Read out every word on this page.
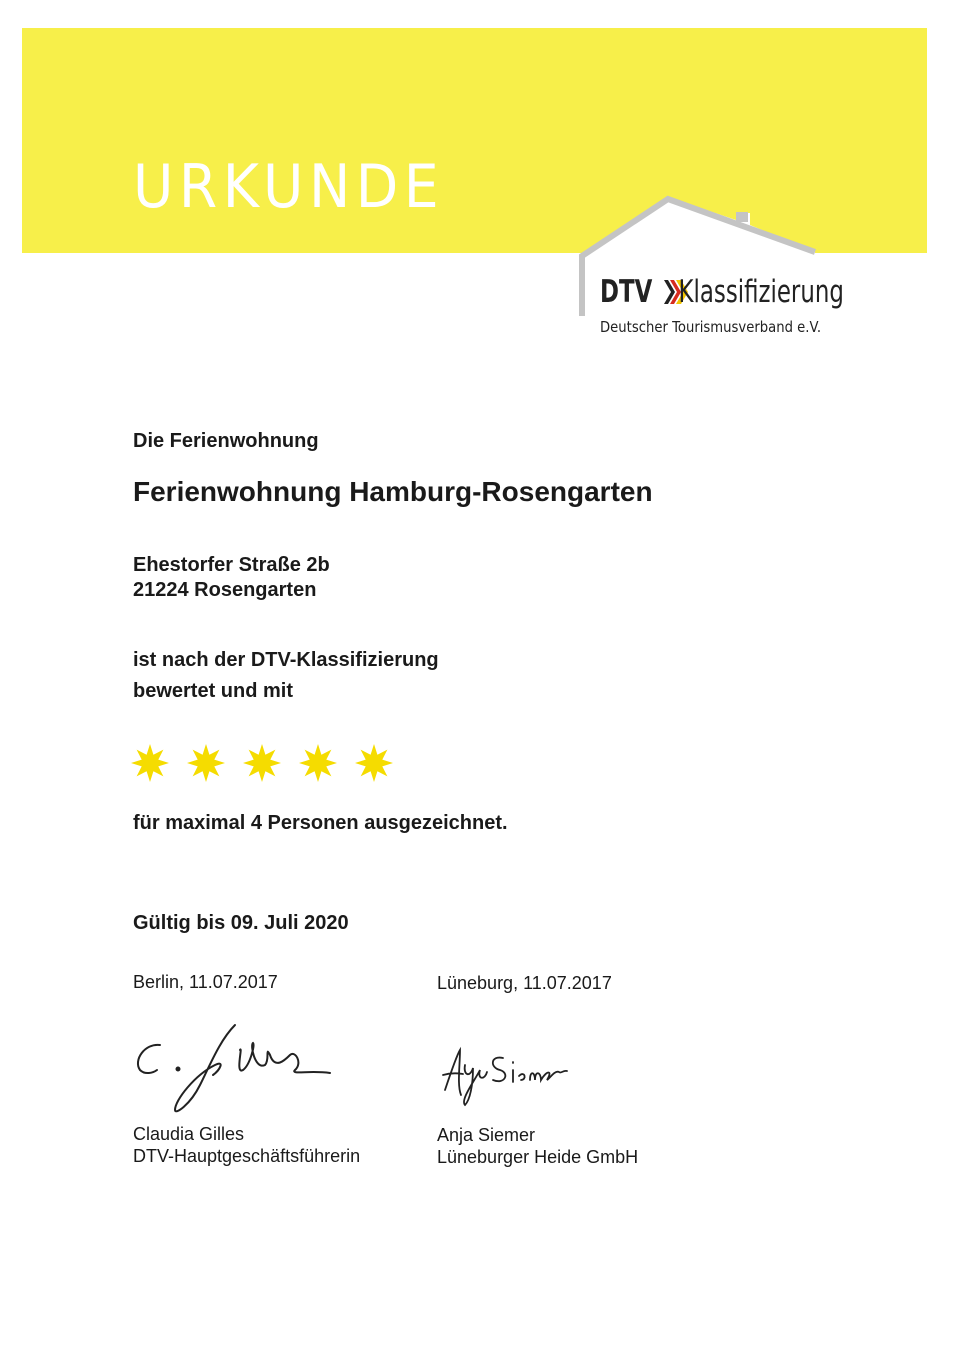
URKUNDE
DTV Klassifizierung
Deutscher Tourismusverband e.V.
Die Ferienwohnung
Ferienwohnung Hamburg-Rosengarten
Ehestorfer Straße 2b
21224 Rosengarten
ist nach der DTV-Klassifizierung
bewertet und mit
für maximal 4 Personen ausgezeichnet.
Gültig bis 09. Juli 2020
Berlin, 11.07.2017	Lüneburg, 11.07.2017
Claudia Gilles
DTV-Hauptgeschäftsführerin
Anja Siemer
Lüneburger Heide GmbH
